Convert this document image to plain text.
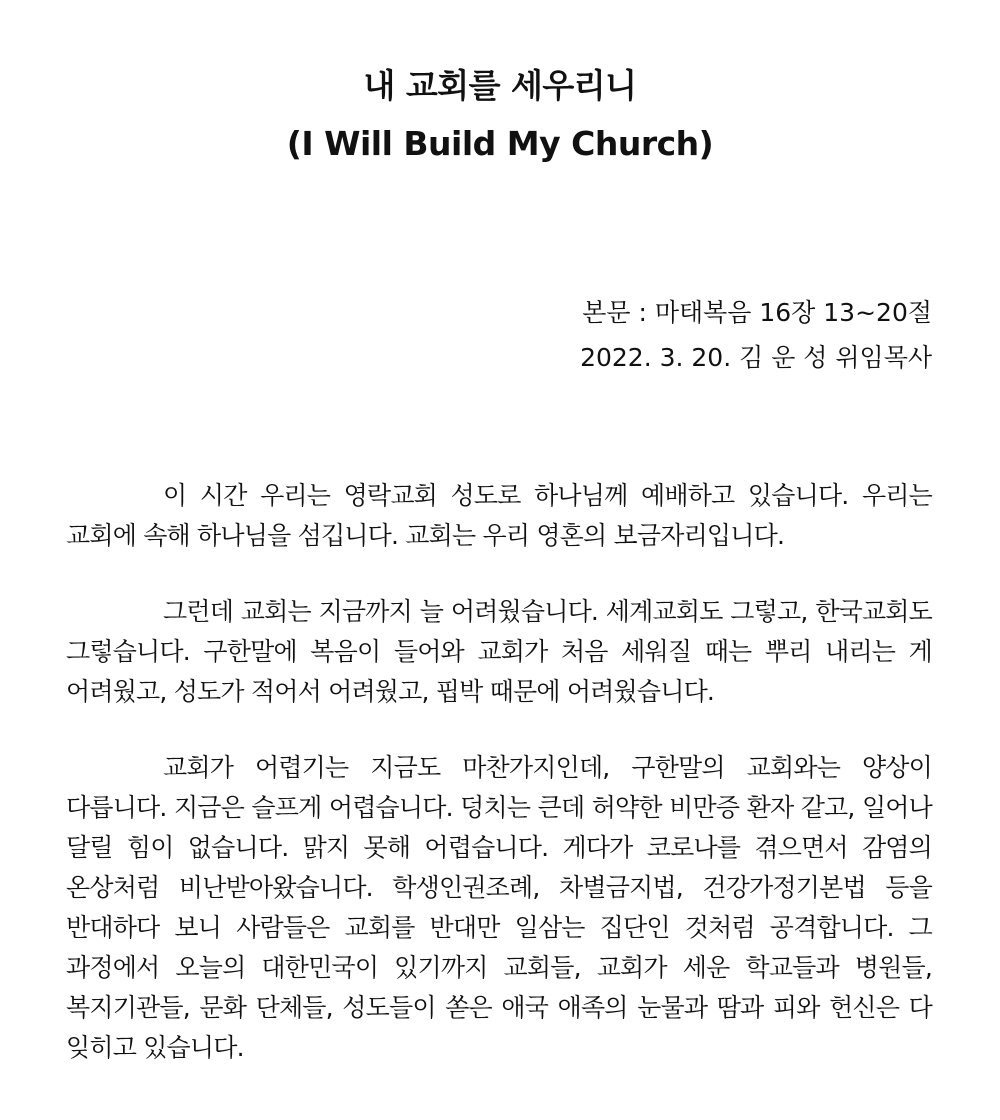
내 교회를 세우리니
(I Will Build My Church)
본문 : 마태복음 16장 13~20절
2022. 3. 20. 김 운 성 위임목사

이 시간 우리는 영락교회 성도로 하나님께 예배하고 있습니다. 우리는 교회에 속해 하나님을 섬깁니다. 교회는 우리 영혼의 보금자리입니다.

그런데 교회는 지금까지 늘 어려웠습니다. 세계교회도 그렇고, 한국교회도 그렇습니다. 구한말에 복음이 들어와 교회가 처음 세워질 때는 뿌리 내리는 게 어려웠고, 성도가 적어서 어려웠고, 핍박 때문에 어려웠습니다.

교회가 어렵기는 지금도 마찬가지인데, 구한말의 교회와는 양상이 다릅니다. 지금은 슬프게 어렵습니다. 덩치는 큰데 허약한 비만증 환자 같고, 일어나 달릴 힘이 없습니다. 맑지 못해 어렵습니다. 게다가 코로나를 겪으면서 감염의 온상처럼 비난받아왔습니다. 학생인권조례, 차별금지법, 건강가정기본법 등을 반대하다 보니 사람들은 교회를 반대만 일삼는 집단인 것처럼 공격합니다. 그 과정에서 오늘의 대한민국이 있기까지 교회들, 교회가 세운 학교들과 병원들, 복지기관들, 문화 단체들, 성도들이 쏟은 애국 애족의 눈물과 땀과 피와 헌신은 다 잊히고 있습니다.
